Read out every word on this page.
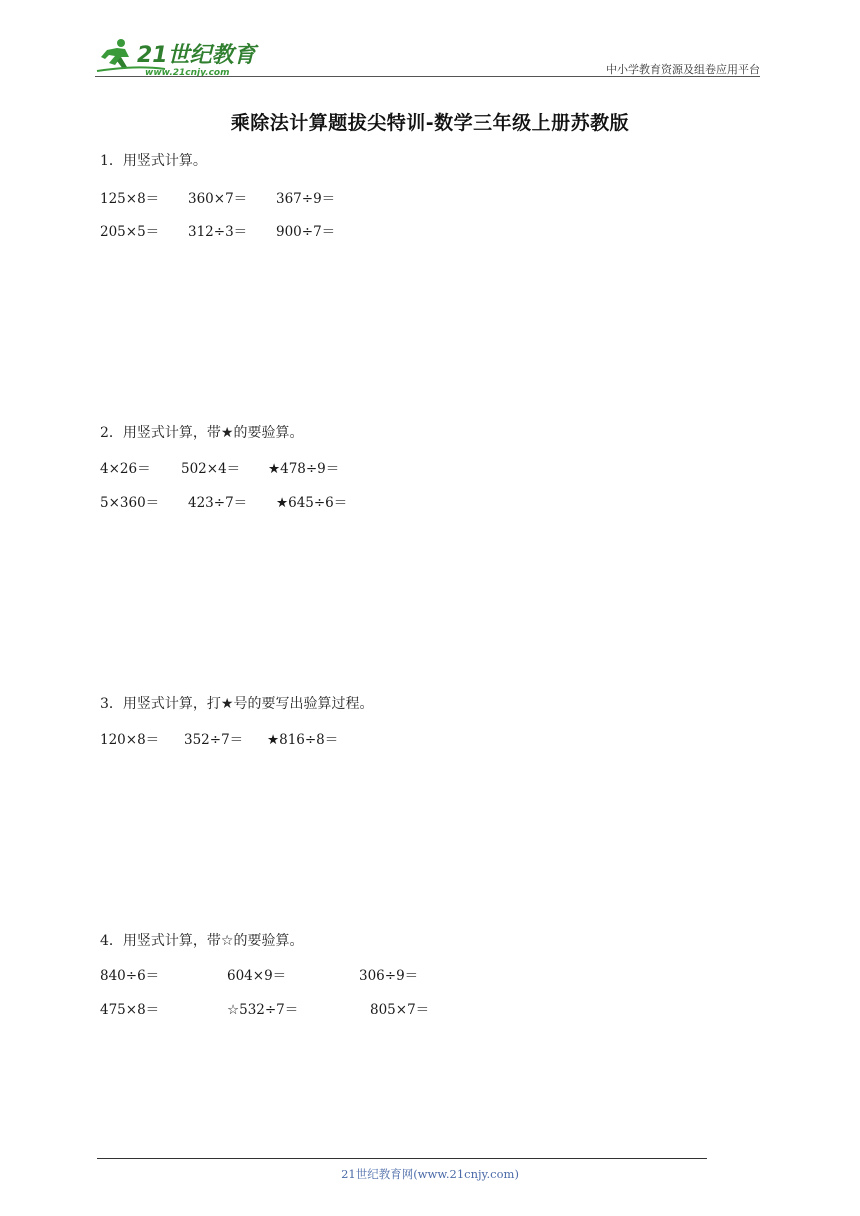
21世纪教育
www.21cnjy.com	中小学教育资源及组卷应用平台
乘除法计算题拔尖特训-数学三年级上册苏教版
1．用竖式计算。
125×8＝ 360×7＝ 367÷9＝
205×5＝ 312÷3＝ 900÷7＝
2．用竖式计算，带★的要验算。
4×26＝ 502×4＝ ★478÷9＝
5×360＝ 423÷7＝ ★645÷6＝
3．用竖式计算，打★号的要写出验算过程。
120×8＝ 352÷7＝ ★816÷8＝
4．用竖式计算，带☆的要验算。
840÷6＝	604×9＝	306÷9＝
475×8＝	☆532÷7＝	805×7＝
21世纪教育网(www.21cnjy.com)
